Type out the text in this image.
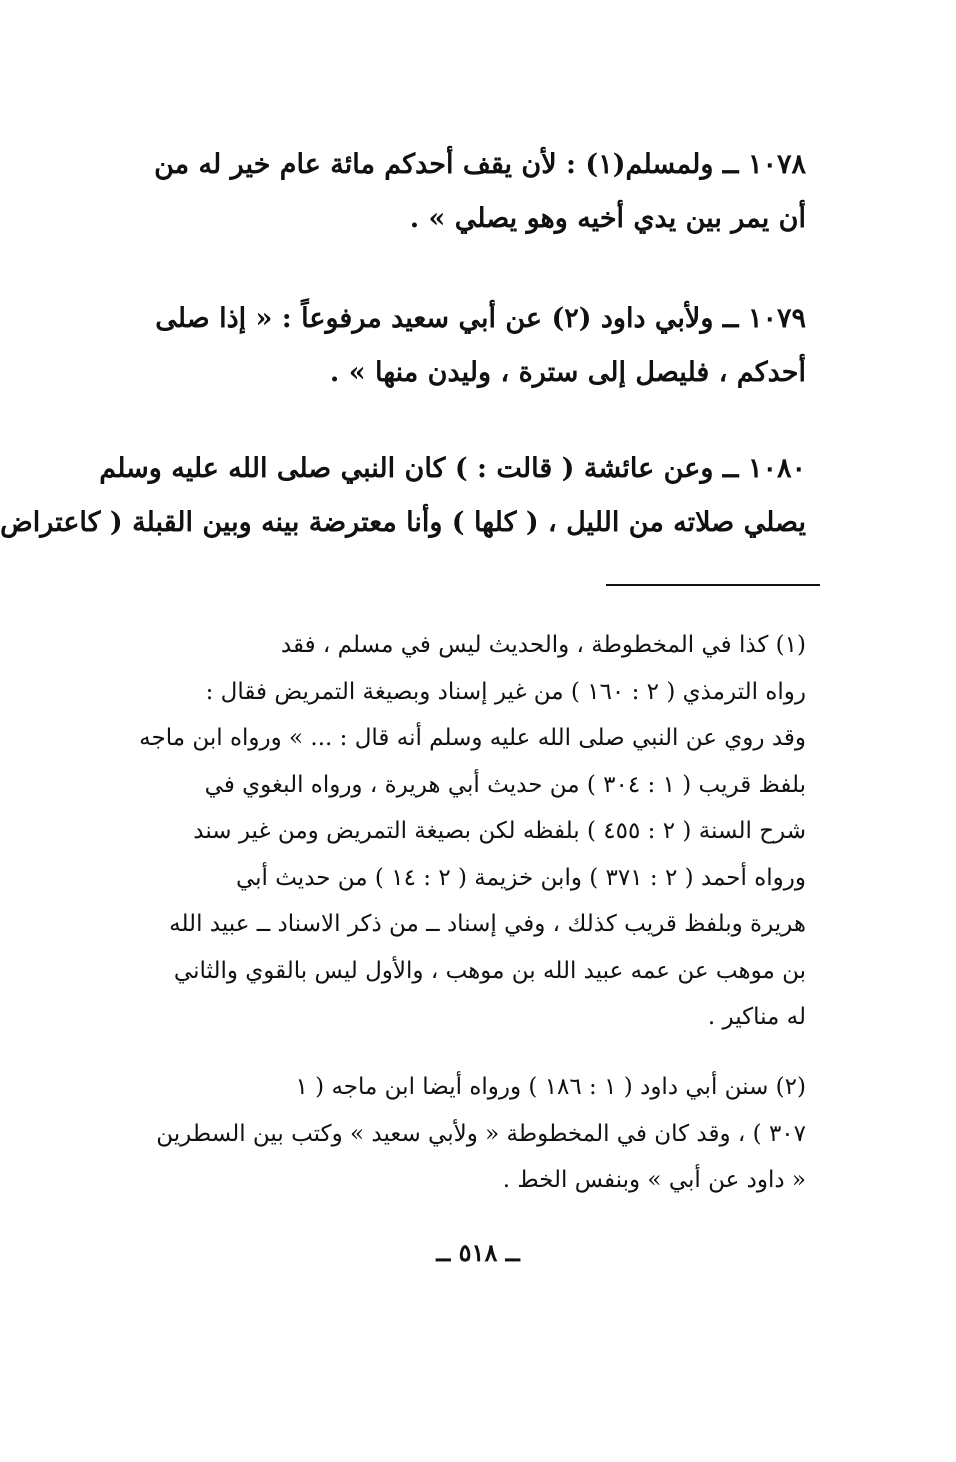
١٠٧٨ ــ ولمسلم(١) : لأن يقف أحدكم مائة عام خير له من
أن يمر بين يدي أخيه وهو يصلي » .
١٠٧٩ ــ ولأبي داود (٢) عن أبي سعيد مرفوعاً : « إذا صلى
أحدكم ، فليصل إلى سترة ، وليدن منها » .
١٠٨٠ ــ وعن عائشة ( قالت : ) كان النبي صلى الله عليه وسلم
يصلي صلاته من الليل ، ( كلها ) وأنا معترضة بينه وبين القبلة ( كاعتراض
(١) كذا في المخطوطة ، والحديث ليس في مسلم ، فقد
رواه الترمذي ( ٢ : ١٦٠ ) من غير إسناد وبصيغة التمريض فقال :
وقد روي عن النبي صلى الله عليه وسلم أنه قال : ... » ورواه ابن ماجه
بلفظ قريب ( ١ : ٣٠٤ ) من حديث أبي هريرة ، ورواه البغوي في
شرح السنة ( ٢ : ٤٥٥ ) بلفظه لكن بصيغة التمريض ومن غير سند
ورواه أحمد ( ٢ : ٣٧١ ) وابن خزيمة ( ٢ : ١٤ ) من حديث أبي
هريرة وبلفظ قريب كذلك ، وفي إسناد ــ من ذكر الاسناد ــ عبيد الله
بن موهب عن عمه عبيد الله بن موهب ، والأول ليس بالقوي والثاني
له مناكير .
(٢) سنن أبي داود ( ١ : ١٨٦ ) ورواه أيضا ابن ماجه ( ١
٣٠٧ ) ، وقد كان في المخطوطة « ولأبي سعيد » وكتب بين السطرين
« داود عن أبي » وبنفس الخط .
ــ ٥١٨ ــ
